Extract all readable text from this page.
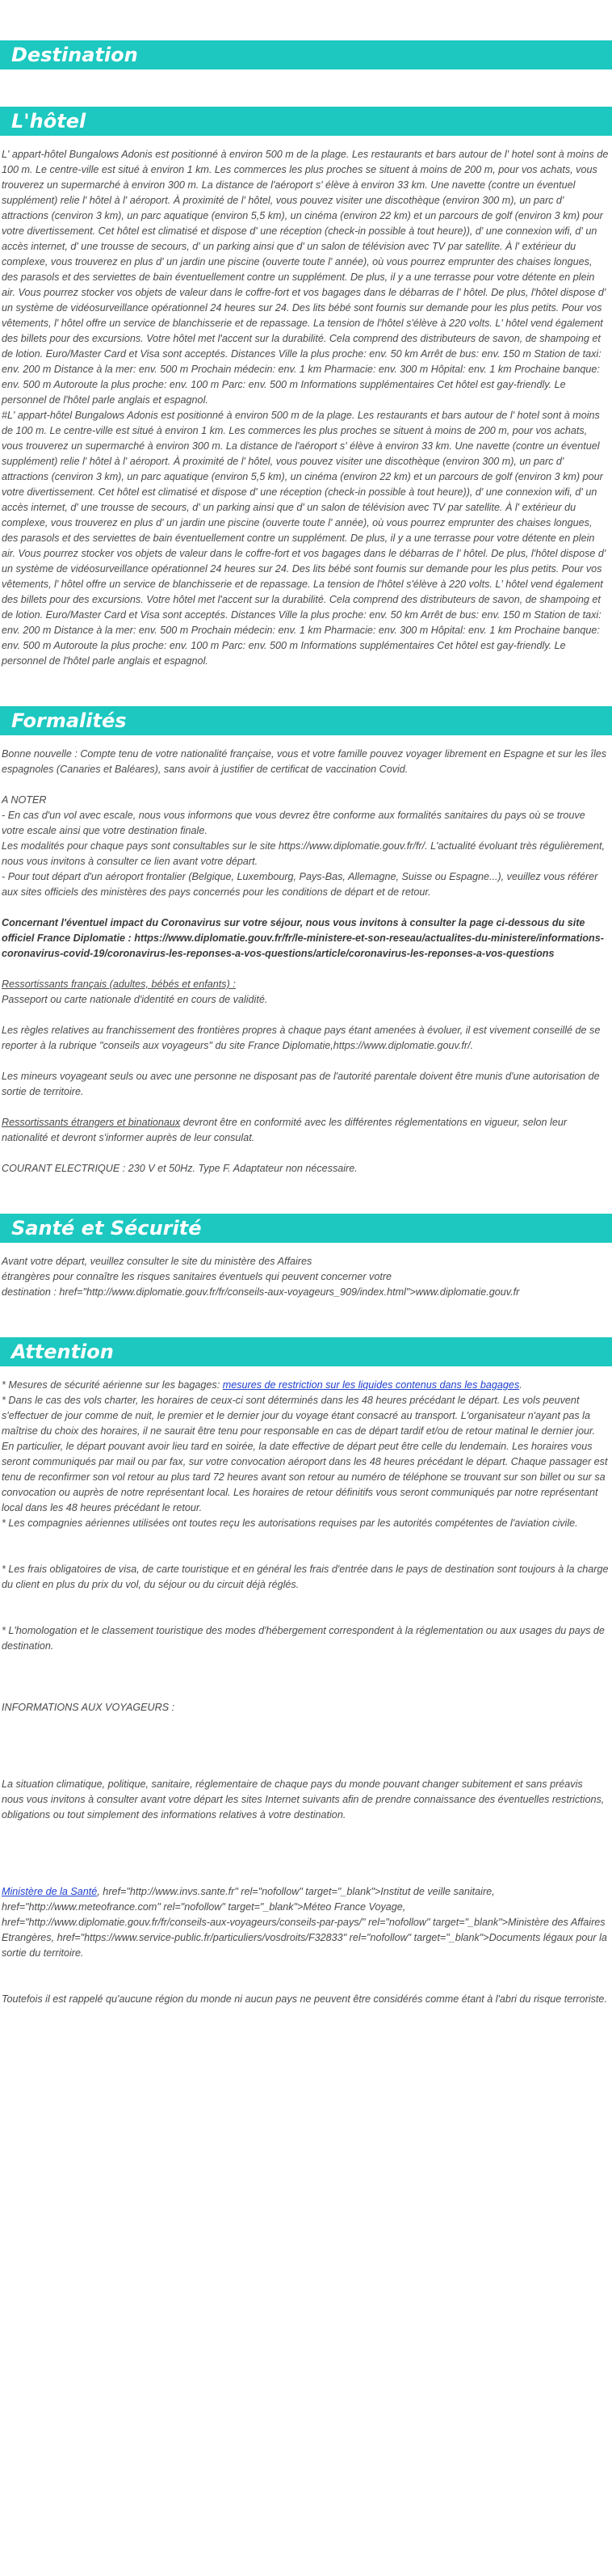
Destination
L'hôtel

L' appart-hôtel Bungalows Adonis est positionné à environ 500 m de la plage. Les restaurants et bars autour de l' hotel sont à moins de 100 m. Le centre-ville est situé à environ 1 km. Les commerces les plus proches se situent à moins de 200 m, pour vos achats, vous trouverez un supermarché à environ 300 m. La distance de l'aéroport s' élève à environ 33 km. Une navette (contre un éventuel supplément) relie l' hôtel à l' aéroport. À proximité de l' hôtel, vous pouvez visiter une discothèque (environ 300 m), un parc d' attractions (cenviron 3 km), un parc aquatique (environ 5,5 km), un cinéma (environ 22 km) et un parcours de golf (environ 3 km) pour votre divertissement. Cet hôtel est climatisé et dispose d' une réception (check-in possible à tout heure)), d' une connexion wifi, d' un accès internet, d' une trousse de secours, d' un parking ainsi que d' un salon de télévision avec TV par satellite. À l' extérieur du complexe, vous trouverez en plus d' un jardin une piscine (ouverte toute l' année), où vous pourrez emprunter des chaises longues, des parasols et des serviettes de bain éventuellement contre un supplément. De plus, il y a une terrasse pour votre détente en plein air. Vous pourrez stocker vos objets de valeur dans le coffre-fort et vos bagages dans le débarras de l' hôtel. De plus, l'hôtel dispose d' un système de vidéosurveillance opérationnel 24 heures sur 24. Des lits bébé sont fournis sur demande pour les plus petits. Pour vos vêtements, l' hôtel offre un service de blanchisserie et de repassage. La tension de l'hôtel s'élève à 220 volts. L' hôtel vend également des billets pour des excursions. Votre hôtel met l'accent sur la durabilité. Cela comprend des distributeurs de savon, de shampoing et de lotion. Euro/Master Card et Visa sont acceptés. Distances Ville la plus proche: env. 50 km Arrêt de bus: env. 150 m Station de taxi: env. 200 m Distance à la mer: env. 500 m Prochain médecin: env. 1 km Pharmacie: env. 300 m Hôpital: env. 1 km Prochaine banque: env. 500 m Autoroute la plus proche: env. 100 m Parc: env. 500 m Informations supplémentaires Cet hôtel est gay-friendly. Le personnel de l'hôtel parle anglais et espagnol.

#L' appart-hôtel Bungalows Adonis est positionné à environ 500 m de la plage. Les restaurants et bars autour de l' hotel sont à moins de 100 m. Le centre-ville est situé à environ 1 km. Les commerces les plus proches se situent à moins de 200 m, pour vos achats, vous trouverez un supermarché à environ 300 m. La distance de l'aéroport s' élève à environ 33 km. Une navette (contre un éventuel supplément) relie l' hôtel à l' aéroport. À proximité de l' hôtel, vous pouvez visiter une discothèque (environ 300 m), un parc d' attractions (cenviron 3 km), un parc aquatique (environ 5,5 km), un cinéma (environ 22 km) et un parcours de golf (environ 3 km) pour votre divertissement. Cet hôtel est climatisé et dispose d' une réception (check-in possible à tout heure)), d' une connexion wifi, d' un accès internet, d' une trousse de secours, d' un parking ainsi que d' un salon de télévision avec TV par satellite. À l' extérieur du complexe, vous trouverez en plus d' un jardin une piscine (ouverte toute l' année), où vous pourrez emprunter des chaises longues, des parasols et des serviettes de bain éventuellement contre un supplément. De plus, il y a une terrasse pour votre détente en plein air. Vous pourrez stocker vos objets de valeur dans le coffre-fort et vos bagages dans le débarras de l' hôtel. De plus, l'hôtel dispose d' un système de vidéosurveillance opérationnel 24 heures sur 24. Des lits bébé sont fournis sur demande pour les plus petits. Pour vos vêtements, l' hôtel offre un service de blanchisserie et de repassage. La tension de l'hôtel s'élève à 220 volts. L' hôtel vend également des billets pour des excursions. Votre hôtel met l'accent sur la durabilité. Cela comprend des distributeurs de savon, de shampoing et de lotion. Euro/Master Card et Visa sont acceptés. Distances Ville la plus proche: env. 50 km Arrêt de bus: env. 150 m Station de taxi: env. 200 m Distance à la mer: env. 500 m Prochain médecin: env. 1 km Pharmacie: env. 300 m Hôpital: env. 1 km Prochaine banque: env. 500 m Autoroute la plus proche: env. 100 m Parc: env. 500 m Informations supplémentaires Cet hôtel est gay-friendly. Le personnel de l'hôtel parle anglais et espagnol.

Formalités

Bonne nouvelle : Compte tenu de votre nationalité française, vous et votre famille pouvez voyager librement en Espagne et sur les îles espagnoles (Canaries et Baléares), sans avoir à justifier de certificat de vaccination Covid.

A NOTER

- En cas d'un vol avec escale, nous vous informons que vous devrez être conforme aux formalités sanitaires du pays où se trouve votre escale ainsi que votre destination finale.

Les modalités pour chaque pays sont consultables sur le site https://www.diplomatie.gouv.fr/fr/. L'actualité évoluant très régulièrement, nous vous invitons à consulter ce lien avant votre départ.

- Pour tout départ d'un aéroport frontalier (Belgique, Luxembourg, Pays-Bas, Allemagne, Suisse ou Espagne...), veuillez vous référer aux sites officiels des ministères des pays concernés pour les conditions de départ et de retour.

Concernant l'éventuel impact du Coronavirus sur votre séjour, nous vous invitons à consulter la page ci-dessous du site officiel France Diplomatie : https://www.diplomatie.gouv.fr/fr/le-ministere-et-son-reseau/actualites-du-ministere/informations-coronavirus-covid-19/coronavirus-les-reponses-a-vos-questions/article/coronavirus-les-reponses-a-vos-questions

Ressortissants français (adultes, bébés et enfants) :

Passeport ou carte nationale d'identité en cours de validité.

Les règles relatives au franchissement des frontières propres à chaque pays étant amenées à évoluer, il est vivement conseillé de se reporter à la rubrique "conseils aux voyageurs" du site France Diplomatie,https://www.diplomatie.gouv.fr/.

Les mineurs voyageant seuls ou avec une personne ne disposant pas de l'autorité parentale doivent être munis d'une autorisation de sortie de territoire.

Ressortissants étrangers et binationaux devront être en conformité avec les différentes réglementations en vigueur, selon leur nationalité et devront s'informer auprès de leur consulat.

COURANT ELECTRIQUE : 230 V et 50Hz. Type F. Adaptateur non nécessaire.

Santé et Sécurité

Avant votre départ, veuillez consulter le site du ministère des Affaires

étrangères pour connaître les risques sanitaires éventuels qui peuvent concerner votre

destination : href="http://www.diplomatie.gouv.fr/fr/conseils-aux-voyageurs_909/index.html">www.diplomatie.gouv.fr

Attention

* Mesures de sécurité aérienne sur les bagages: mesures de restriction sur les liquides contenus dans les bagages.

* Dans le cas des vols charter, les horaires de ceux-ci sont déterminés dans les 48 heures précédant le départ. Les vols peuvent s'effectuer de jour comme de nuit, le premier et le dernier jour du voyage étant consacré au transport. L'organisateur n'ayant pas la maîtrise du choix des horaires, il ne saurait être tenu pour responsable en cas de départ tardif et/ou de retour matinal le dernier jour. En particulier, le départ pouvant avoir lieu tard en soirée, la date effective de départ peut être celle du lendemain. Les horaires vous seront communiqués par mail ou par fax, sur votre convocation aéroport dans les 48 heures précédant le départ. Chaque passager est tenu de reconfirmer son vol retour au plus tard 72 heures avant son retour au numéro de téléphone se trouvant sur son billet ou sur sa convocation ou auprès de notre représentant local. Les horaires de retour définitifs vous seront communiqués par notre représentant local dans les 48 heures précédant le retour.

* Les compagnies aériennes utilisées ont toutes reçu les autorisations requises par les autorités compétentes de l'aviation civile.

* Les frais obligatoires de visa, de carte touristique et en général les frais d'entrée dans le pays de destination sont toujours à la charge du client en plus du prix du vol, du séjour ou du circuit déjà réglés.

* L'homologation et le classement touristique des modes d'hébergement correspondent à la réglementation ou aux usages du pays de destination.

INFORMATIONS AUX VOYAGEURS :

La situation climatique, politique, sanitaire, réglementaire de chaque pays du monde pouvant changer subitement et sans préavis
nous vous invitons à consulter avant votre départ les sites Internet suivants afin de prendre connaissance des éventuelles restrictions, obligations ou tout simplement des informations relatives à votre destination.

Ministère de la Santé, href="http://www.invs.sante.fr" rel="nofollow" target="_blank">Institut de veille sanitaire, href="http://www.meteofrance.com" rel="nofollow" target="_blank">Méteo France Voyage, href="http://www.diplomatie.gouv.fr/fr/conseils-aux-voyageurs/conseils-par-pays/" rel="nofollow" target="_blank">Ministère des Affaires Etrangères, href="https://www.service-public.fr/particuliers/vosdroits/F32833" rel="nofollow" target="_blank">Documents légaux pour la sortie du territoire.

Toutefois il est rappelé qu'aucune région du monde ni aucun pays ne peuvent être considérés comme étant à l'abri du risque terroriste.
